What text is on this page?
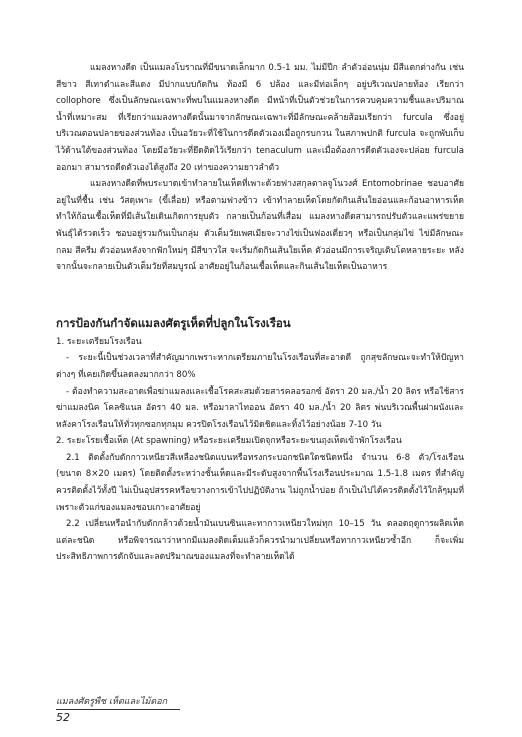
แมลงหางดีด เป็นแมลงโบราณที่มีขนาดเล็กมาก 0.5-1 มม. ไม่มีปีก ลำตัวอ่อนนุ่ม มีสีแตกต่างกัน เช่น สีขาว สีเทาดำและสีแดง มีปากแบบกัดกิน ท้องมี 6 ปล้อง และมีท่อเล็กๆ อยู่บริเวณปลายท้อง เรียกว่า collophore ซึ่งเป็นลักษณะเฉพาะที่พบในแมลงหางดีด มีหน้าที่เป็นตัวช่วยในการควบคุมความชื้นและปริมาณน้ำที่เหมาะสม ที่เรียกว่าแมลงหางดีดนั้นมาจากลักษณะเฉพาะที่มีลักษณะคล้ายส้อมเรียกว่า furcula ซึ่งอยู่บริเวณตอนปลายของส่วนท้อง เป็นอวัยวะที่ใช้ในการดีดตัวเองเมื่อถูกรบกวน ในสภาพปกติ furcula จะถูกพับเก็บไว้ด้านใต้ของส่วนท้อง โดยมีอวัยวะที่ยึดติดไว้เรียกว่า tenaculum และเมื่อต้องการดีดตัวเองจะปล่อย furcula ออกมา สามารถดีดตัวเองได้สูงถึง 20 เท่าของความยาวลำตัว

แมลงหางดีดที่พบระบาดเข้าทำลายในเห็ดที่เพาะด้วยฟางสกุลตาลจูโนวงศ์ Entomobrinae ชอบอาศัยอยู่ในที่ชื้น เช่น วัสดุเพาะ (ขี้เลื่อย) หรือตามฟางข้าว เข้าทำลายเห็ดโดยกัดกินเส้นใยอ่อนและก้อนอาหารเห็ด ทำให้ก้อนเชื้อเห็ดที่มีเส้นใยเดินเกิดการยุบตัว กลายเป็นก้อนที่เสื่อม แมลงหางดีดสามารถปรับตัวและแพร่ขยายพันธุ์ได้รวดเร็ว ชอบอยู่รวมกันเป็นกลุ่ม ตัวเต็มวัยเพศเมียจะวางไข่เป็นฟองเดี่ยวๆ หรือเป็นกลุ่มไข่ ไข่มีลักษณะกลม สีครีม ตัวอ่อนหลังจากฟักใหม่ๆ มีสีขาวใส จะเริ่มกัดกินเส้นใยเห็ด ตัวอ่อนมีการเจริญเติบโตหลายระยะ หลังจากนั้นจะกลายเป็นตัวเต็มวัยที่สมบูรณ์ อาศัยอยู่ในก้อนเชื้อเห็ดและกินเส้นใยเห็ดเป็นอาหาร

การป้องกันกำจัดแมลงศัตรูเห็ดที่ปลูกในโรงเรือน

1. ระยะเตรียมโรงเรือน

- ระยะนี้เป็นช่วงเวลาที่สำคัญมากเพราะหากเตรียมภายในโรงเรือนที่สะอาดดี ถูกสุขลักษณะจะทำให้ปัญหาต่างๆ ที่เคยเกิดขึ้นลดลงมากกว่า 80%

- ต้องทำความสะอาดเพื่อฆ่าแมลงและเชื้อโรคสะสมด้วยสารคลอรอกซ์ อัตรา 20 มล./น้ำ 20 ลิตร หรือใช้สารฆ่าแมลงนิค โคลซิแนล อัตรา 40 มล. หรือมาลาไทออน อัตรา 40 มล./น้ำ 20 ลิตร พ่นบริเวณพื้นฝาผนังและหลังคาโรงเรือนให้ทั่วทุกซอกทุกมุม ควรปิดโรงเรือนไว้มิดชิดและทิ้งไว้อย่างน้อย 7-10 วัน

2. ระยะโรยเชื้อเห็ด (At spawning) หรือระยะเตรียมเปิดจุกหรือระยะขนถุงเห็ดเข้าพักโรงเรือน

2.1 ติดตั้งกับดักกาวเหนียวสีเหลืองชนิดแบนหรือทรงกระบอกชนิดใดชนิดหนึ่ง จำนวน 6-8 ตัว/โรงเรือน (ขนาด 8×20 เมตร) โดยติดตั้งระหว่างชั้นเห็ดและมีระดับสูงจากพื้นโรงเรือนประมาณ 1.5-1.8 เมตร ที่สำคัญควรติดตั้งไว้ทั้งปี ไม่เป็นอุปสรรคหรือขวางการเข้าไปปฏิบัติงาน ไม่ถูกน้ำบ่อย ถ้าเป็นไปได้ควรติดตั้งไว้ใกล้ๆมุมที่เพราะตัวแก่ของแมลงชอบเกาะอาศัยอยู่

2.2 เปลี่ยนหรือนำกับดักกล้าวด้วยน้ำมันเบนซินและทากาวเหนียวใหม่ทุก 10–15 วัน ตลอดฤดูการผลิตเห็ดแต่ละชนิด หรือพิจารณาว่าหากมีแมลงติดเต็มแล้วก็ควรนำมาเปลี่ยนหรือทากาวเหนียวซ้ำอีก ก็จะเพิ่มประสิทธิภาพการดักจับและลดปริมาณของแมลงที่จะทำลายเห็ดได้

แมลงศัตรูพืช เห็ดและไม้ดอก
52
